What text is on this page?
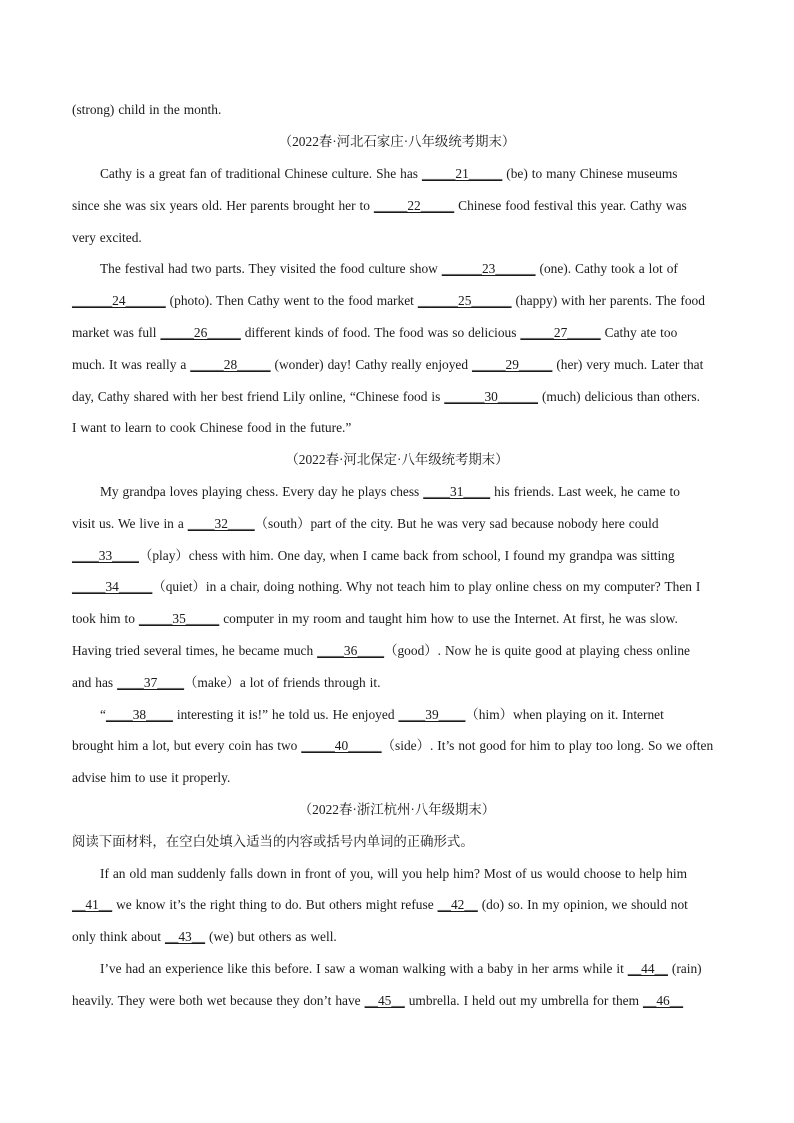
(strong) child in the month.
（2022春·河北石家庄·八年级统考期末）
Cathy is a great fan of traditional Chinese culture. She has _____21_____ (be) to many Chinese museums
since she was six years old. Her parents brought her to _____22_____ Chinese food festival this year. Cathy was
very excited.
The festival had two parts. They visited the food culture show ______23______ (one). Cathy took a lot of
______24______ (photo). Then Cathy went to the food market ______25______ (happy) with her parents. The food
market was full _____26_____ different kinds of food. The food was so delicious _____27_____ Cathy ate too
much. It was really a _____28_____ (wonder) day! Cathy really enjoyed _____29_____ (her) very much. Later that
day, Cathy shared with her best friend Lily online, “Chinese food is ______30______ (much) delicious than others.
I want to learn to cook Chinese food in the future.”
（2022春·河北保定·八年级统考期末）
My grandpa loves playing chess. Every day he plays chess ____31____ his friends. Last week, he came to
visit us. We live in a ____32____（south）part of the city. But he was very sad because nobody here could
____33____（play）chess with him. One day, when I came back from school, I found my grandpa was sitting
_____34_____（quiet）in a chair, doing nothing. Why not teach him to play online chess on my computer? Then I
took him to _____35_____ computer in my room and taught him how to use the Internet. At first, he was slow.
Having tried several times, he became much ____36____（good）. Now he is quite good at playing chess online
and has ____37____（make）a lot of friends through it.
“____38____ interesting it is!” he told us. He enjoyed ____39____（him）when playing on it. Internet
brought him a lot, but every coin has two _____40_____（side）. It’s not good for him to play too long. So we often
advise him to use it properly.
（2022春·浙江杭州·八年级期末）
阅读下面材料，在空白处填入适当的内容或括号内单词的正确形式。
If an old man suddenly falls down in front of you, will you help him? Most of us would choose to help him
__41__ we know it’s the right thing to do. But others might refuse __42__ (do) so. In my opinion, we should not
only think about __43__ (we) but others as well.
I’ve had an experience like this before. I saw a woman walking with a baby in her arms while it __44__ (rain)
heavily. They were both wet because they don’t have __45__ umbrella. I held out my umbrella for them __46__
